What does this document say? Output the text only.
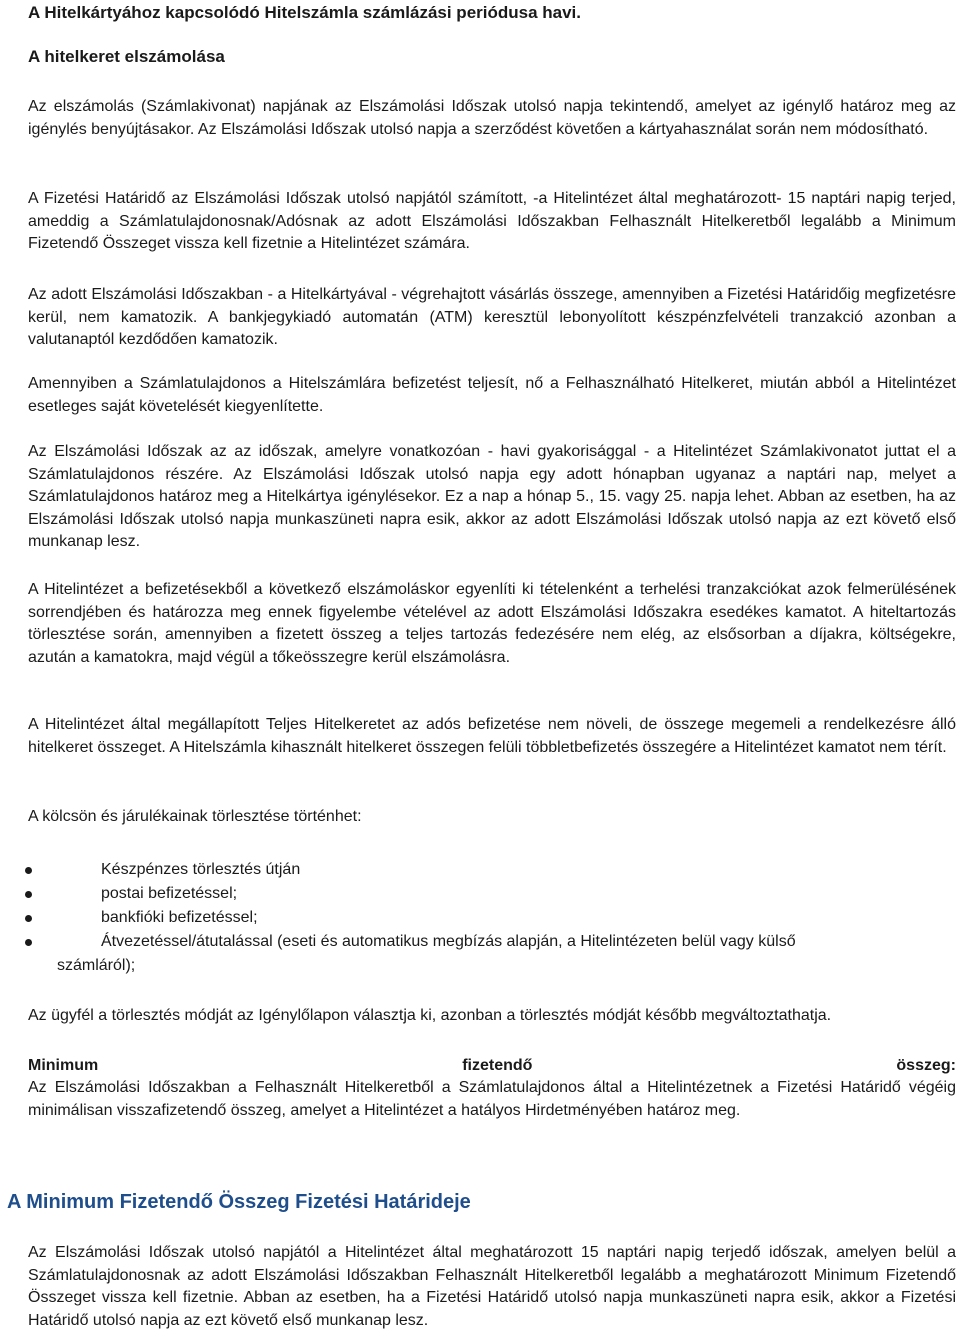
A Hitelkártyához kapcsolódó Hitelszámla számlázási periódusa havi.

A hitelkeret elszámolása

Az elszámolás (Számlakivonat) napjának az Elszámolási Időszak utolsó napja tekintendő, amelyet az igénylő határoz meg az igénylés benyújtásakor. Az Elszámolási Időszak utolsó napja a szerződést követően a kártyahasználat során nem módosítható.

A Fizetési Határidő az Elszámolási Időszak utolsó napjától számított, -a Hitelintézet által meghatározott- 15 naptári napig terjed, ameddig a Számlatulajdonosnak/Adósnak az adott Elszámolási Időszakban Felhasznált Hitelkeretből legalább a Minimum Fizetendő Összeget vissza kell fizetnie a Hitelintézet számára.

Az adott Elszámolási Időszakban - a Hitelkártyával - végrehajtott vásárlás összege, amennyiben a Fizetési Határidőig megfizetésre kerül, nem kamatozik. A bankjegykiadó automatán (ATM) keresztül lebonyolított készpénzfelvételi tranzakció azonban a valutanaptól kezdődően kamatozik.

Amennyiben a Számlatulajdonos a Hitelszámlára befizetést teljesít, nő a Felhasználható Hitelkeret, miután abból a Hitelintézet esetleges saját követelését kiegyenlítette.

Az Elszámolási Időszak az az időszak, amelyre vonatkozóan - havi gyakorisággal - a Hitelintézet Számlakivonatot juttat el a Számlatulajdonos részére. Az Elszámolási Időszak utolsó napja egy adott hónapban ugyanaz a naptári nap, melyet a Számlatulajdonos határoz meg a Hitelkártya igénylésekor. Ez a nap a hónap 5., 15. vagy 25. napja lehet. Abban az esetben, ha az Elszámolási Időszak utolsó napja munkaszüneti napra esik, akkor az adott Elszámolási Időszak utolsó napja az ezt követő első munkanap lesz.

A Hitelintézet a befizetésekből a következő elszámoláskor egyenlíti ki tételenként a terhelési tranzakciókat azok felmerülésének sorrendjében és határozza meg ennek figyelembe vételével az adott Elszámolási Időszakra esedékes kamatot. A hiteltartozás törlesztése során, amennyiben a fizetett összeg a teljes tartozás fedezésére nem elég, az elsősorban a díjakra, költségekre, azután a kamatokra, majd végül a tőkeösszegre kerül elszámolásra.

A Hitelintézet által megállapított Teljes Hitelkeretet az adós befizetése nem növeli, de összege megemeli a rendelkezésre álló hitelkeret összeget. A Hitelszámla kihasznált hitelkeret összegen felüli többletbefizetés összegére a Hitelintézet kamatot nem térít.

A kölcsön és járulékainak törlesztése történhet:

Készpénzes törlesztés útján
postai befizetéssel;
bankfióki befizetéssel;
Átvezetéssel/átutalással (eseti és automatikus megbízás alapján, a Hitelintézeten belül vagy külső
számláról);

Az ügyfél a törlesztés módját az Igénylőlapon választja ki, azonban a törlesztés módját később megváltoztathatja.

Minimum	fizetendő	összeg:

Az Elszámolási Időszakban a Felhasznált Hitelkeretből a Számlatulajdonos által a Hitelintézetnek a Fizetési Határidő végéig minimálisan visszafizetendő összeg, amelyet a Hitelintézet a hatályos Hirdetményében határoz meg.

A Minimum Fizetendő Összeg Fizetési Határideje

Az Elszámolási Időszak utolsó napjától a Hitelintézet által meghatározott 15 naptári napig terjedő időszak, amelyen belül a Számlatulajdonosnak az adott Elszámolási Időszakban Felhasznált Hitelkeretből legalább a meghatározott Minimum Fizetendő Összeget vissza kell fizetnie. Abban az esetben, ha a Fizetési Határidő utolsó napja munkaszüneti napra esik, akkor a Fizetési Határidő utolsó napja az ezt követő első munkanap lesz.
